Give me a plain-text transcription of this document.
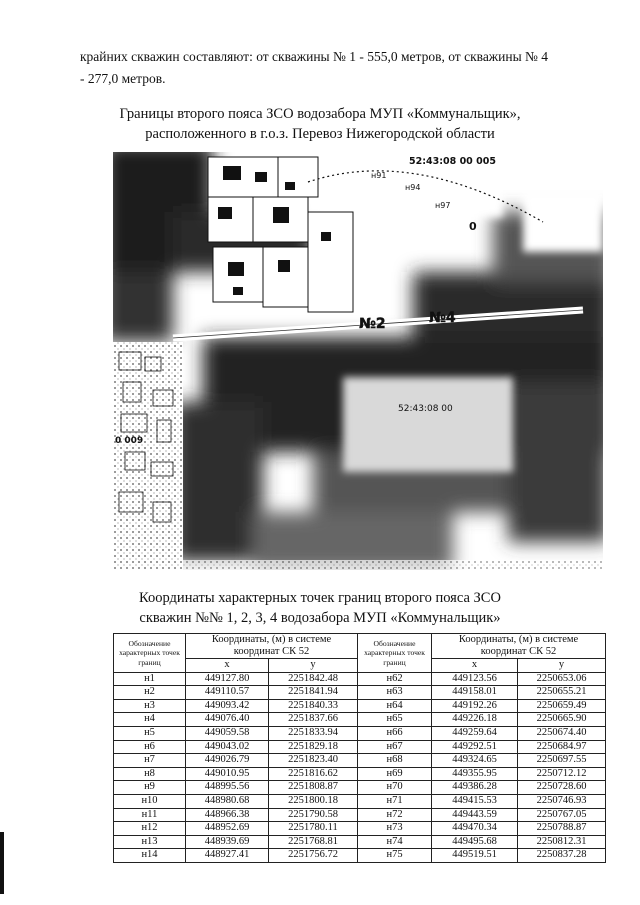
крайних скважин составляют: от скважины № 1 - 555,0 метров, от скважины № 4
- 277,0 метров.
Границы второго пояса ЗСО водозабора МУП «Коммунальщик»,
расположенного в г.о.з. Перевоз Нижегородской области
52:43:08 00 005
52:43:08 00
0 009
н91
н94
н97
0
№2	№4
Координаты характерных точек границ второго пояса ЗСО
скважин №№ 1, 2, 3, 4 водозабора МУП «Коммунальщик»
Обозначение характерных точек границ	Координаты, (м) в системе координат СК 52		Обозначение характерных точек границ	Координаты, (м) в системе координат СК 52	
	х	у		х	у
н1	449127.80	2251842.48	н62	449123.56	2250653.06
н2	449110.57	2251841.94	н63	449158.01	2250655.21
н3	449093.42	2251840.33	н64	449192.26	2250659.49
н4	449076.40	2251837.66	н65	449226.18	2250665.90
н5	449059.58	2251833.94	н66	449259.64	2250674.40
н6	449043.02	2251829.18	н67	449292.51	2250684.97
н7	449026.79	2251823.40	н68	449324.65	2250697.55
н8	449010.95	2251816.62	н69	449355.95	2250712.12
н9	448995.56	2251808.87	н70	449386.28	2250728.60
н10	448980.68	2251800.18	н71	449415.53	2250746.93
н11	448966.38	2251790.58	н72	449443.59	2250767.05
н12	448952.69	2251780.11	н73	449470.34	2250788.87
н13	448939.69	2251768.81	н74	449495.68	2250812.31
н14	448927.41	2251756.72	н75	449519.51	2250837.28
